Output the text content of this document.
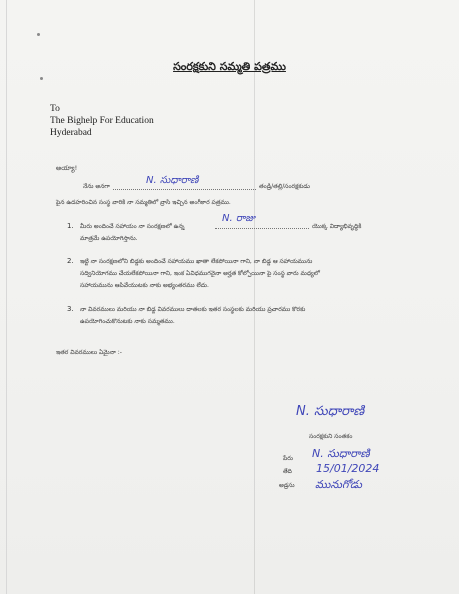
సంరక్షకుని సమ్మతి పత్రము
To
The Bighelp For Education
Hyderabad
అయ్యా!
నేను అనగా
N. సుధారాణి
తండ్రి/తల్లి/సంరక్షకుడు
పైన ఉదహరించిన సంస్థ వారికి నా సమ్మతిలో వ్రాసి ఇచ్చిన అంగీకార పత్రము.
1. మీరు అందించే సహాయం నా సంరక్షణలో ఉన్న
N. రాజు
యొక్క విద్యాభివృద్ధికి
మాత్రమే ఉపయోగిస్తాను.
2. ఇట్టి నా సంరక్షణలోని బిడ్డకు అందించే సహాయము ఖాతా లేకపోయినా గాని, నా బిడ్డ ఆ సహాయమును
సద్వినియోగము చేయలేకపోయినా గాని, ఇంక ఏవిధముగనైనా అర్హత కోల్పోయినా పై సంస్థ వారు మధ్యలో
సహాయమును ఆపివేయుటకు నాకు అభ్యంతరము లేదు.
3. నా వివరములు మరియు నా బిడ్డ వివరములు దాతలకు ఇతర సంస్థలకు మరియు ప్రచారము కొరకు
ఉపయోగించుకొనుటకు నాకు సమ్మతము.
ఇతర వివరములు ఏమైనా :-
N. సుధారాణి
సంరక్షకుని సంతకం
పేరు N. సుధారాణి
తేది 15/01/2024
అడ్రసు మునుగోడు
